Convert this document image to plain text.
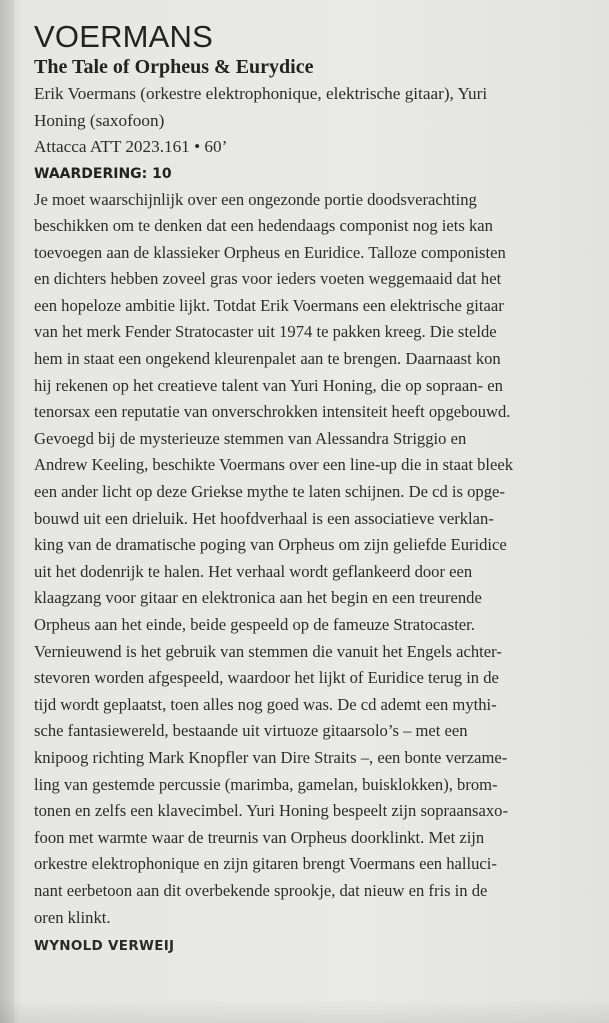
VOERMANS
The Tale of Orpheus & Eurydice
Erik Voermans (orkestre elektrophonique, elektrische gitaar), Yuri
Honing (saxofoon)
Attacca ATT 2023.161 • 60’
WAARDERING: 10
Je moet waarschijnlijk over een ongezonde portie doodsverachting
beschikken om te denken dat een hedendaags componist nog iets kan
toevoegen aan de klassieker Orpheus en Euridice. Talloze componisten
en dichters hebben zoveel gras voor ieders voeten weggemaaid dat het
een hopeloze ambitie lijkt. Totdat Erik Voermans een elektrische gitaar
van het merk Fender Stratocaster uit 1974 te pakken kreeg. Die stelde
hem in staat een ongekend kleurenpalet aan te brengen. Daarnaast kon
hij rekenen op het creatieve talent van Yuri Honing, die op sopraan- en
tenorsax een reputatie van onverschrokken intensiteit heeft opgebouwd.
Gevoegd bij de mysterieuze stemmen van Alessandra Striggio en
Andrew Keeling, beschikte Voermans over een line-up die in staat bleek
een ander licht op deze Griekse mythe te laten schijnen. De cd is opge-
bouwd uit een drieluik. Het hoofdverhaal is een associatieve verklan-
king van de dramatische poging van Orpheus om zijn geliefde Euridice
uit het dodenrijk te halen. Het verhaal wordt geflankeerd door een
klaagzang voor gitaar en elektronica aan het begin en een treurende
Orpheus aan het einde, beide gespeeld op de fameuze Stratocaster.
Vernieuwend is het gebruik van stemmen die vanuit het Engels achter-
stevoren worden afgespeeld, waardoor het lijkt of Euridice terug in de
tijd wordt geplaatst, toen alles nog goed was. De cd ademt een mythi-
sche fantasiewereld, bestaande uit virtuoze gitaarsolo’s – met een
knipoog richting Mark Knopfler van Dire Straits –, een bonte verzame-
ling van gestemde percussie (marimba, gamelan, buisklokken), brom-
tonen en zelfs een klavecimbel. Yuri Honing bespeelt zijn sopraansaxo-
foon met warmte waar de treurnis van Orpheus doorklinkt. Met zijn
orkestre elektrophonique en zijn gitaren brengt Voermans een halluci-
nant eerbetoon aan dit overbekende sprookje, dat nieuw en fris in de
oren klinkt.
WYNOLD VERWEIJ
